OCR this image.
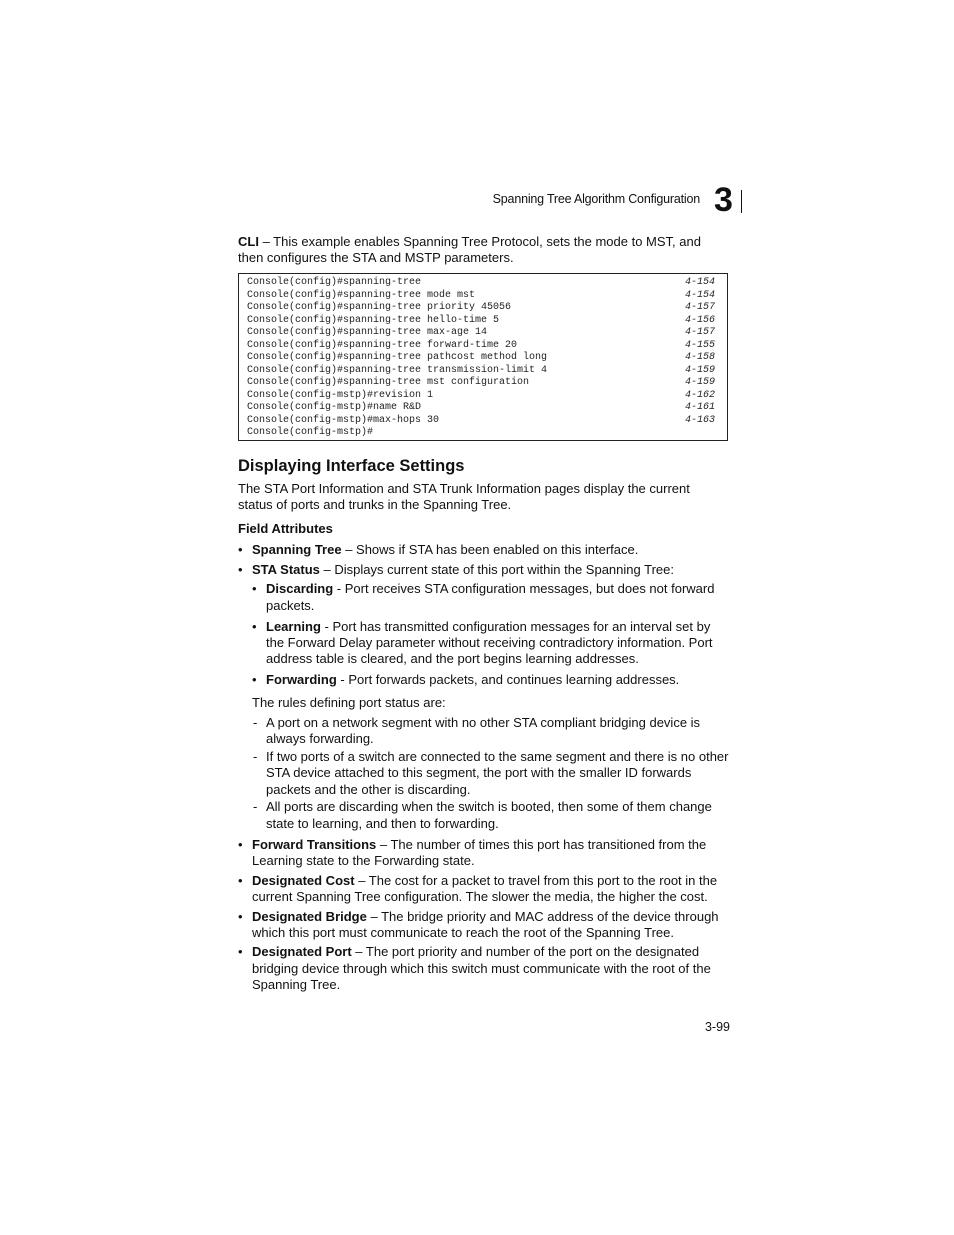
Spanning Tree Algorithm Configuration 3
CLI – This example enables Spanning Tree Protocol, sets the mode to MST, and
then configures the STA and MSTP parameters.
Console(config)#spanning-tree	4-154
Console(config)#spanning-tree mode mst	4-154
Console(config)#spanning-tree priority 45056	4-157
Console(config)#spanning-tree hello-time 5	4-156
Console(config)#spanning-tree max-age 14	4-157
Console(config)#spanning-tree forward-time 20	4-155
Console(config)#spanning-tree pathcost method long	4-158
Console(config)#spanning-tree transmission-limit 4	4-159
Console(config)#spanning-tree mst configuration	4-159
Console(config-mstp)#revision 1	4-162
Console(config-mstp)#name R&D	4-161
Console(config-mstp)#max-hops 30	4-163
Console(config-mstp)#
Displaying Interface Settings
The STA Port Information and STA Trunk Information pages display the current
status of ports and trunks in the Spanning Tree.
Field Attributes
• Spanning Tree – Shows if STA has been enabled on this interface.
• STA Status – Displays current state of this port within the Spanning Tree:
• Discarding - Port receives STA configuration messages, but does not forward
packets.
• Learning - Port has transmitted configuration messages for an interval set by
the Forward Delay parameter without receiving contradictory information. Port
address table is cleared, and the port begins learning addresses.
• Forwarding - Port forwards packets, and continues learning addresses.
The rules defining port status are:
- A port on a network segment with no other STA compliant bridging device is
always forwarding.
- If two ports of a switch are connected to the same segment and there is no other
STA device attached to this segment, the port with the smaller ID forwards
packets and the other is discarding.
- All ports are discarding when the switch is booted, then some of them change
state to learning, and then to forwarding.
• Forward Transitions – The number of times this port has transitioned from the
Learning state to the Forwarding state.
• Designated Cost – The cost for a packet to travel from this port to the root in the
current Spanning Tree configuration. The slower the media, the higher the cost.
• Designated Bridge – The bridge priority and MAC address of the device through
which this port must communicate to reach the root of the Spanning Tree.
• Designated Port – The port priority and number of the port on the designated
bridging device through which this switch must communicate with the root of the
Spanning Tree.
3-99
